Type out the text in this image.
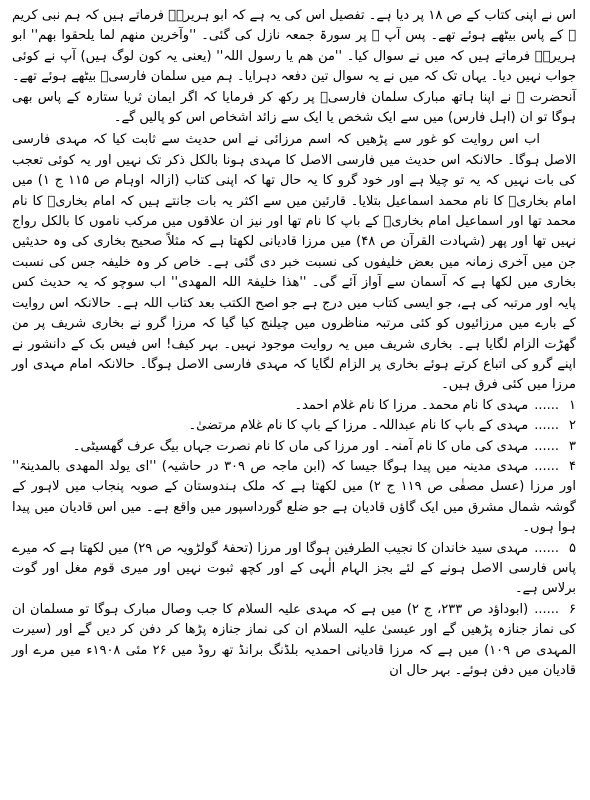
اس نے اپنی کتاب کے ص ۱۸ پر دیا ہے۔ تفصیل اس کی یہ ہے کہ ابو ہریرہؓ فرماتے ہیں کہ ہم نبی کریم ﷺ کے پاس بیٹھے ہوئے تھے۔ پس آپ ﷺ پر سورۃ جمعہ نازل کی گئی۔ ''وآخرین منھم لما یلحقوا بھم'' ابو ہریرہؓ فرماتے ہیں کہ میں نے سوال کیا۔ ''من ھم یا رسول اللہ'' (یعنی یہ کون لوگ ہیں) آپ نے کوئی جواب نہیں دیا۔ یہاں تک کہ میں نے یہ سوال تین دفعہ دہرایا۔ ہم میں سلمان فارسیؓ بیٹھے ہوئے تھے۔ آنحضرت ﷺ نے اپنا ہاتھ مبارک سلمان فارسیؓ پر رکھ کر فرمایا کہ اگر ایمان ثریا ستارہ کے پاس بھی ہوگا تو ان (اہل فارس) میں سے ایک شخص یا ایک سے زائد اشخاص اس کو پالیں گے۔

اب اس روایت کو غور سے پڑھیں کہ اسم مرزائی نے اس حدیث سے ثابت کیا کہ مہدی فارسی الاصل ہوگا۔ حالانکہ اس حدیث میں فارسی الاصل کا مہدی ہونا بالکل ذکر تک نہیں اور یہ کوئی تعجب کی بات نہیں کہ یہ تو چیلا ہے اور خود گرو کا یہ حال تھا کہ اپنی کتاب (ازالہ اوہام ص ۱۱۵ ج ۱) میں امام بخاریؒ کا نام محمد اسماعیل بتلایا۔ قارئین میں سے اکثر یہ بات جانتے ہیں کہ امام بخاریؒ کا نام محمد تھا اور اسماعیل امام بخاریؒ کے باپ کا نام تھا اور نیز ان علاقوں میں مرکب ناموں کا بالکل رواج نہیں تھا اور پھر (شہادت القرآن ص ۴۸) میں مرزا قادیانی لکھتا ہے کہ مثلاً صحیح بخاری کی وہ حدیثیں جن میں آخری زمانہ میں بعض خلیفوں کی نسبت خبر دی گئی ہے۔ خاص کر وہ خلیفہ جس کی نسبت بخاری میں لکھا ہے کہ آسمان سے آواز آئے گی۔ ''ھذا خلیفۃ اللہ المھدی'' اب سوچو کہ یہ حدیث کس پایہ اور مرتبہ کی ہے، جو ایسی کتاب میں درج ہے جو اصح الکتب بعد کتاب اللہ ہے۔ حالانکہ اس روایت کے بارے میں مرزائیوں کو کئی مرتبہ مناظروں میں چیلنج کیا گیا کہ مرزا گرو نے بخاری شریف پر من گھڑت الزام لگایا ہے۔ بخاری شریف میں یہ روایت موجود نہیں۔ بہر کیف! اس فیس بک کے دانشور نے اپنے گرو کی اتباع کرتے ہوئے بخاری پر الزام لگایا کہ مہدی فارسی الاصل ہوگا۔ حالانکہ امام مہدی اور مرزا میں کئی فرق ہیں۔

۱......مہدی کا نام محمد۔ مرزا کا نام غلام احمد۔
۲......مہدی کے باپ کا نام عبداللہ۔ مرزا کے باپ کا نام غلام مرتضیٰ۔
۳......مہدی کی ماں کا نام آمنہ۔ اور مرزا کی ماں کا نام نصرت جہاں بیگ عرف گھسیٹی۔
۴......مہدی مدینہ میں پیدا ہوگا جیسا کہ (ابن ماجہ ص ۳۰۹ در حاشیہ) ''ای یولد المھدی بالمدینۃ'' اور مرزا (عسل مصفٰی ص ۱۱۹ ج ۲) میں لکھتا ہے کہ ملک ہندوستان کے صوبہ پنجاب میں لاہور کے گوشہ شمال مشرق میں ایک گاؤں قادیان ہے جو ضلع گورداسپور میں واقع ہے۔ میں اس قادیان میں پیدا ہوا ہوں۔
۵......مہدی سید خاندان کا نجیب الطرفین ہوگا اور مرزا (تحفۂ گولڑویہ ص ۲۹) میں لکھتا ہے کہ میرے پاس فارسی الاصل ہونے کے لئے بجز الہام الٰہی کے اور کچھ ثبوت نہیں اور میری قوم مغل اور گوت برلاس ہے۔
۶......(ابوداؤد ص ۲۳۳، ج ۲) میں ہے کہ مہدی علیہ السلام کا جب وصال مبارک ہوگا تو مسلمان ان کی نماز جنازہ پڑھیں گے اور عیسیٰ علیہ السلام ان کی نماز جنازہ پڑھا کر دفن کر دیں گے اور (سیرت المہدی ص ۱۰۹) میں ہے کہ مرزا قادیانی احمدیہ بلڈنگ برانڈ تھ روڈ میں ۲۶ مئی ۱۹۰۸ء میں مرے اور قادیان میں دفن ہوئے۔ بہر حال ان
